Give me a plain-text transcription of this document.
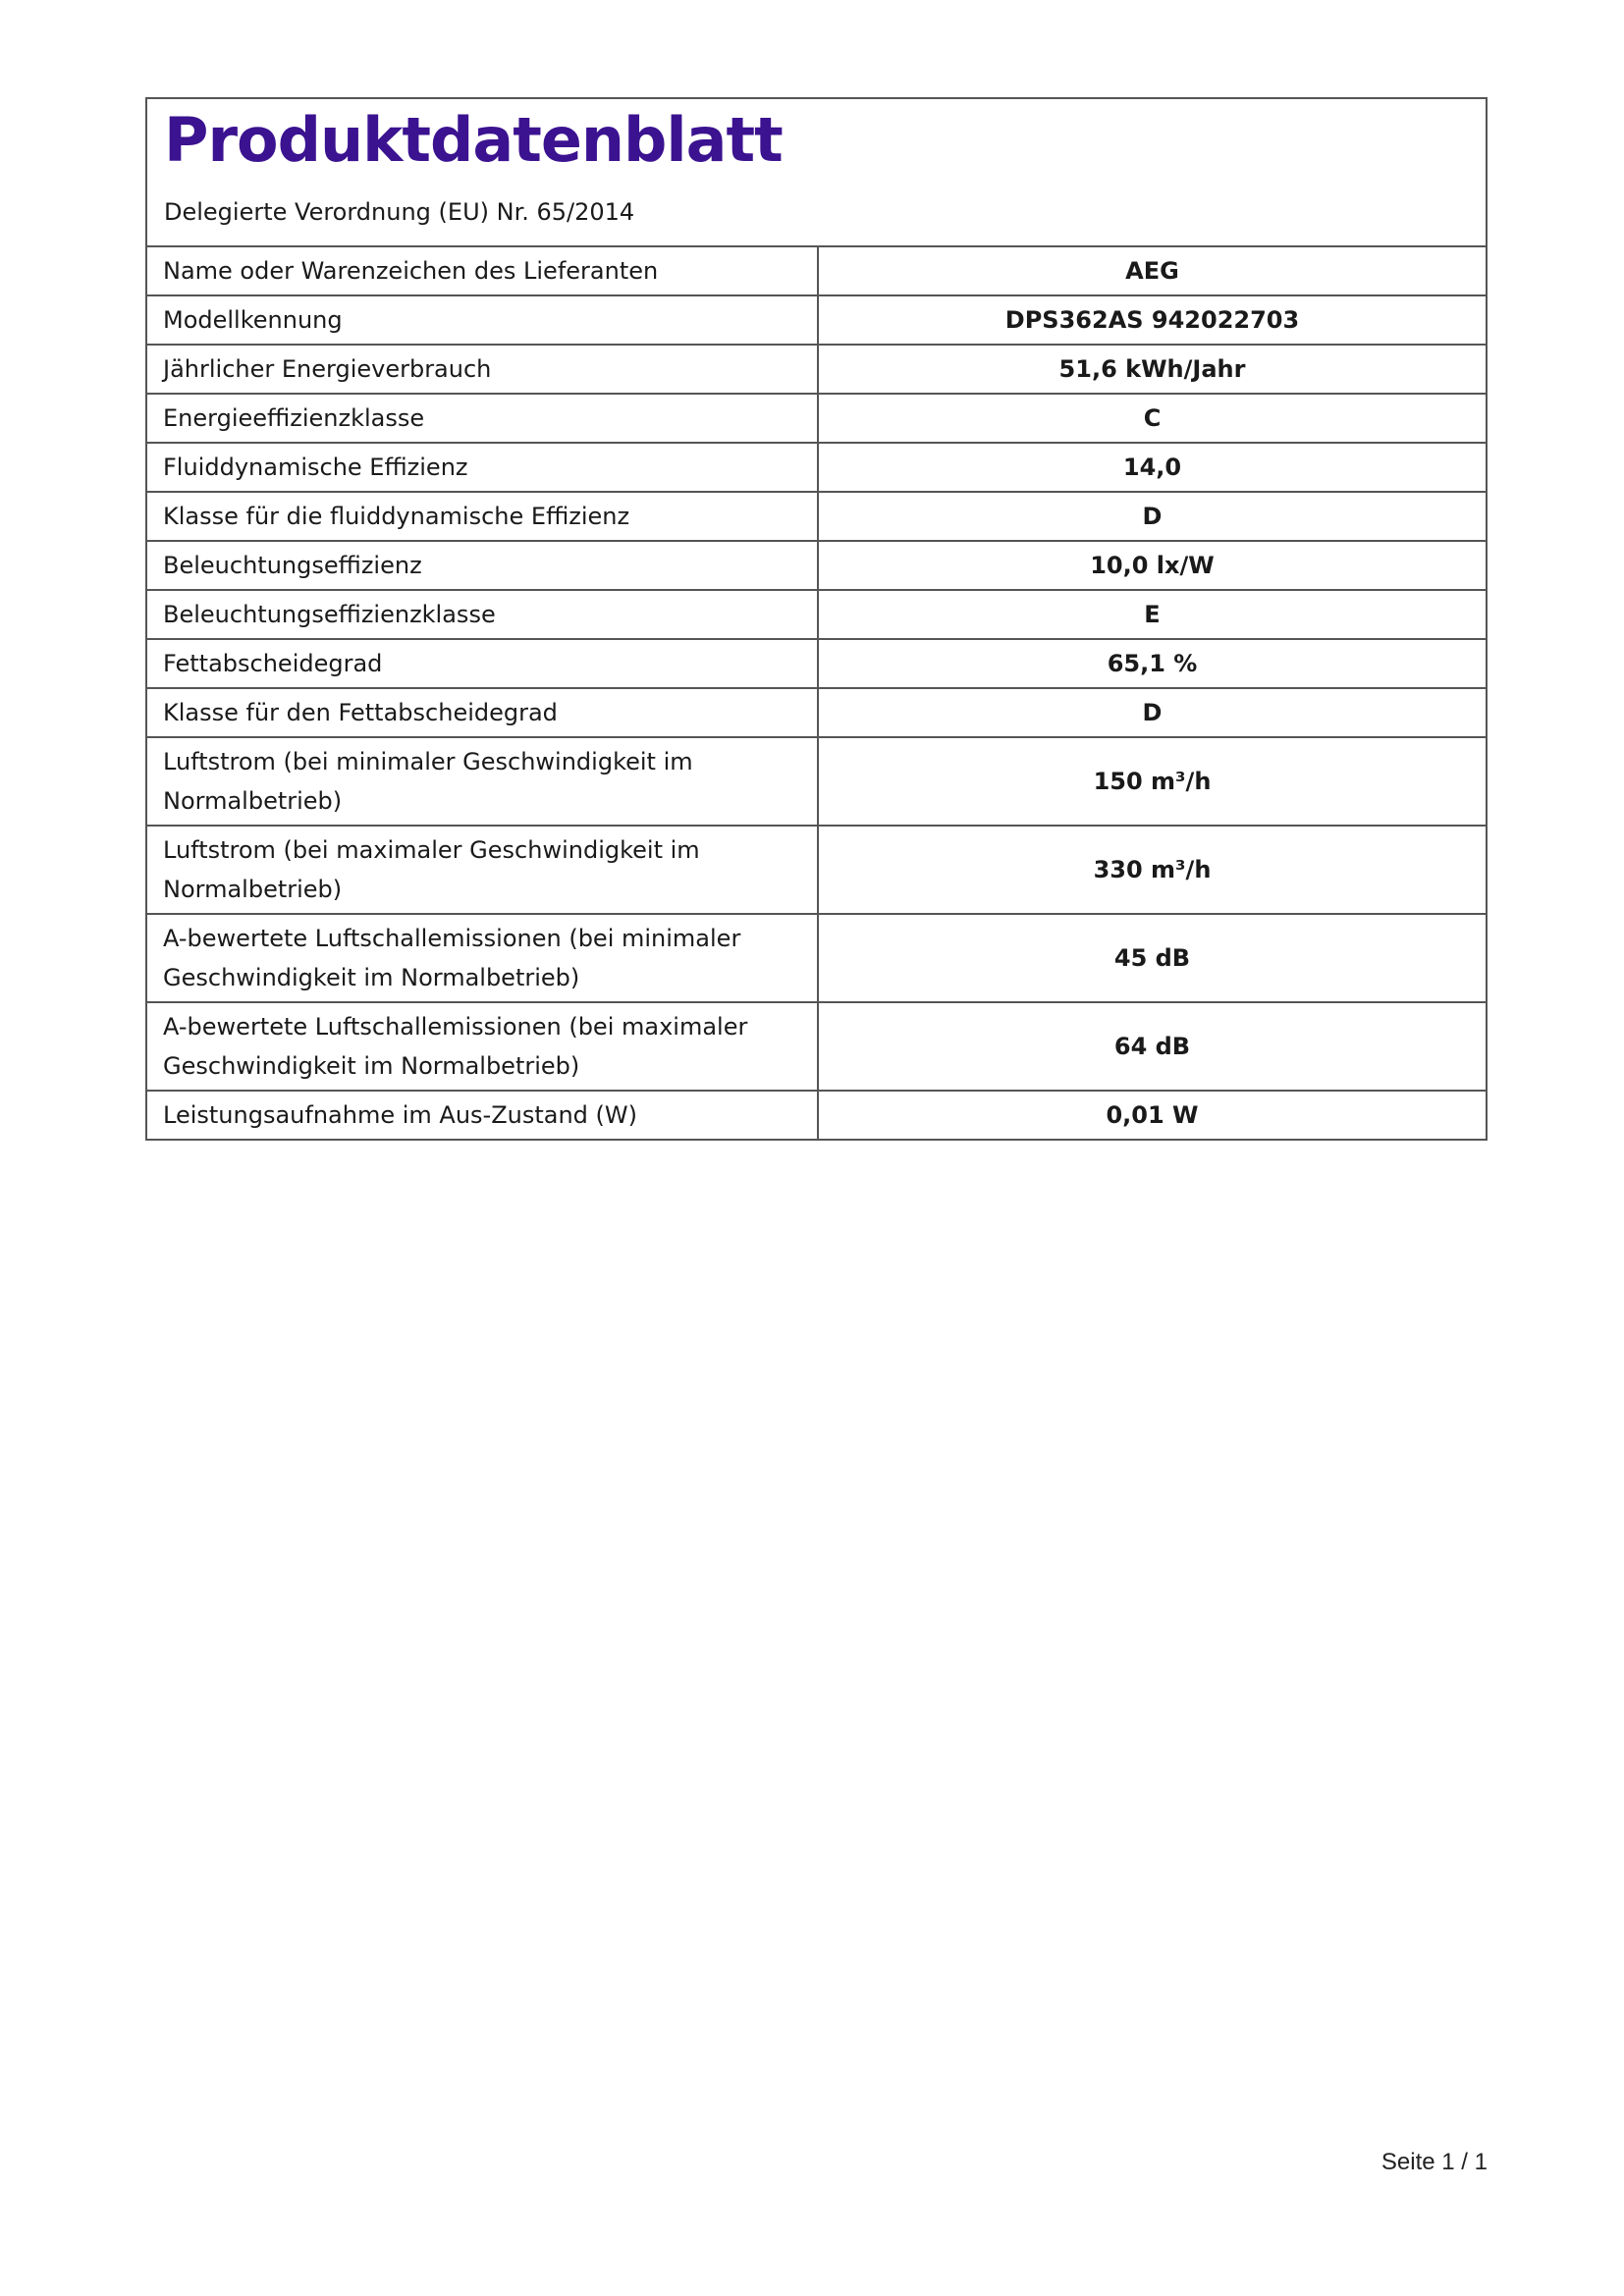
Produktdatenblatt

Delegierte Verordnung (EU) Nr. 65/2014

Name oder Warenzeichen des Lieferanten	AEG
Modellkennung	DPS362AS 942022703
Jährlicher Energieverbrauch	51,6 kWh/Jahr
Energieeffizienzklasse	C
Fluiddynamische Effizienz	14,0
Klasse für die fluiddynamische Effizienz	D
Beleuchtungseffizienz	10,0 lx/W
Beleuchtungseffizienzklasse	E
Fettabscheidegrad	65,1 %
Klasse für den Fettabscheidegrad	D
Luftstrom (bei minimaler Geschwindigkeit im Normalbetrieb)	150 m³/h
Luftstrom (bei maximaler Geschwindigkeit im Normalbetrieb)	330 m³/h
A-bewertete Luftschallemissionen (bei minimaler Geschwindigkeit im Normalbetrieb)	45 dB
A-bewertete Luftschallemissionen (bei maximaler Geschwindigkeit im Normalbetrieb)	64 dB
Leistungsaufnahme im Aus-Zustand (W)	0,01 W
Seite 1 / 1
